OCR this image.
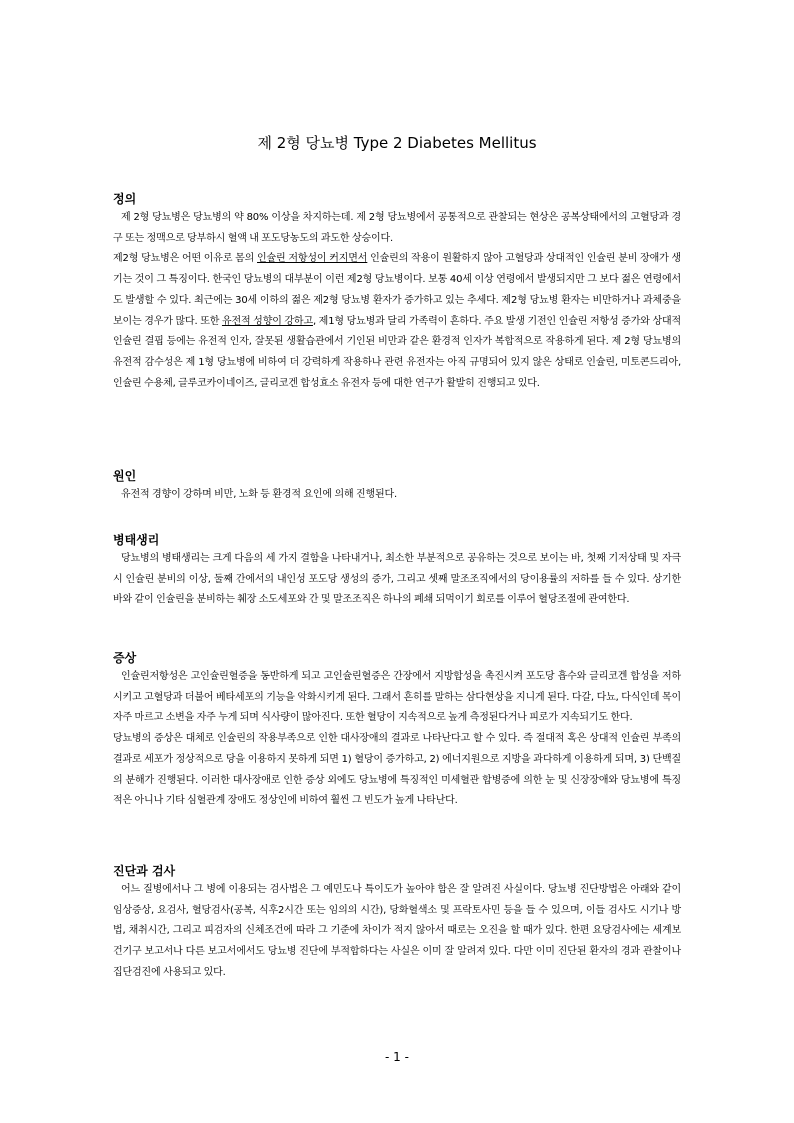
제 2형 당뇨병 Type 2 Diabetes Mellitus

정의

제 2형 당뇨병은 당뇨병의 약 80% 이상을 차지하는데. 제 2형 당뇨병에서 공통적으로 관찰되는 현상은 공복상태에서의 고혈당과 경구 또는 정맥으로 당부하시 혈액 내 포도당농도의 과도한 상승이다.

제2형 당뇨병은 어떤 이유로 몸의 인슐린 저항성이 커지면서 인슐린의 작용이 원활하지 않아 고혈당과 상대적인 인슐린 분비 장애가 생기는 것이 그 특징이다. 한국인 당뇨병의 대부분이 이런 제2형 당뇨병이다. 보통 40세 이상 연령에서 발생되지만 그 보다 젊은 연령에서도 발생할 수 있다. 최근에는 30세 이하의 젊은 제2형 당뇨병 환자가 증가하고 있는 추세다. 제2형 당뇨병 환자는 비만하거나 과체중을 보이는 경우가 많다. 또한 유전적 성향이 강하고, 제1형 당뇨병과 달리 가족력이 흔하다. 주요 발생 기전인 인슐린 저항성 증가와 상대적 인슐린 결핍 등에는 유전적 인자, 잘못된 생활습관에서 기인된 비만과 같은 환경적 인자가 복합적으로 작용하게 된다. 제 2형 당뇨병의 유전적 감수성은 제 1형 당뇨병에 비하여 더 강력하게 작용하나 관련 유전자는 아직 규명되어 있지 않은 상태로 인슐린, 미토콘드리아, 인슐린 수용체, 글루코카이네이즈, 글리코겐 합성효소 유전자 등에 대한 연구가 활발히 진행되고 있다.

원인

유전적 경향이 강하며 비만, 노화 등 환경적 요인에 의해 진행된다.

병태생리

당뇨병의 병태생리는 크게 다음의 세 가지 결함을 나타내거나, 최소한 부분적으로 공유하는 것으로 보이는 바, 첫째 기저상태 및 자극시 인슐린 분비의 이상, 둘째 간에서의 내인성 포도당 생성의 증가, 그리고 셋째 말조조직에서의 당이용률의 저하를 들 수 있다. 상기한 바와 같이 인슐린을 분비하는 췌장 소도세포와 간 및 말조조직은 하나의 폐쇄 되먹이기 회로를 이루어 혈당조절에 관여한다.

증상

인슐린저항성은 고인슐린혈증을 동반하게 되고 고인슐린혈증은 간장에서 지방합성을 촉진시켜 포도당 흡수와 글리코겐 합성을 저하시키고 고혈당과 더불어 베타세포의 기능을 악화시키게 된다. 그래서 흔히를 말하는 삼다현상을 지니게 된다. 다갈, 다뇨, 다식인데 목이 자주 마르고 소변을 자주 누게 되며 식사량이 많아진다. 또한 혈당이 지속적으로 높게 측정된다거나 피로가 지속되기도 한다.

당뇨병의 증상은 대체로 인슐린의 작용부족으로 인한 대사장애의 결과로 나타난다고 할 수 있다. 즉 절대적 혹은 상대적 인슐린 부족의 결과로 세포가 정상적으로 당을 이용하지 못하게 되면 1) 혈당이 증가하고, 2) 에너지원으로 지방을 과다하게 이용하게 되며, 3) 단백질의 분해가 진행된다. 이러한 대사장애로 인한 증상 외에도 당뇨병에 특징적인 미세혈관 합병증에 의한 눈 및 신장장애와 당뇨병에 특징적은 아니나 기타 심혈관계 장애도 정상인에 비하여 훨씬 그 빈도가 높게 나타난다.

진단과 검사

어느 질병에서나 그 병에 이용되는 검사법은 그 예민도나 특이도가 높아야 함은 잘 알려진 사실이다. 당뇨병 진단방법은 아래와 같이 임상증상, 요검사, 혈당검사(공복, 식후2시간 또는 임의의 시간), 당화혈색소 및 프락토사민 등을 들 수 있으며, 이들 검사도 시기나 방법, 채취시간, 그리고 피검자의 신체조건에 따라 그 기준에 차이가 적지 않아서 때로는 오진을 할 때가 있다. 한편 요당검사에는 세계보건기구 보고서나 다른 보고서에서도 당뇨병 진단에 부적합하다는 사실은 이미 잘 알려져 있다. 다만 이미 진단된 환자의 경과 관찰이나 집단검진에 사용되고 있다.

- 1 -
